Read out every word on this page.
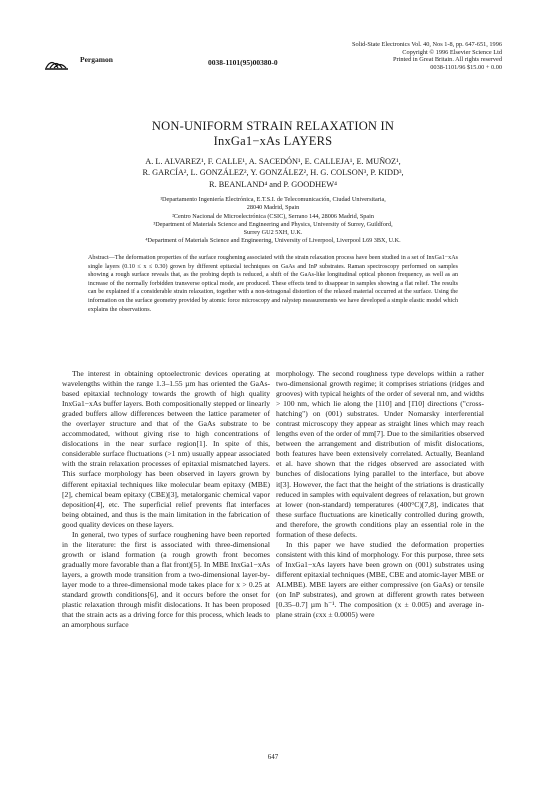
Pergamon	0038-1101(95)00380-0
Solid-State Electronics Vol. 40, Nos 1-8, pp. 647-651, 1996
Copyright © 1996 Elsevier Science Ltd
Printed in Great Britain. All rights reserved
0038-1101/96 $15.00 + 0.00
NON-UNIFORM STRAIN RELAXATION IN
InxGa1−xAs LAYERS
A. L. ALVAREZ¹, F. CALLE¹, A. SACEDÓN¹, E. CALLEJA¹, E. MUÑOZ¹,
R. GARCÍA², L. GONZÁLEZ², Y. GONZÁLEZ², H. G. COLSON³, P. KIDD³,
R. BEANLAND⁴ and P. GOODHEW⁴
¹Departamento Ingeniería Electrónica, E.T.S.I. de Telecomunicación, Ciudad Universitaria,
28040 Madrid, Spain
²Centro Nacional de Microelectrónica (CSIC), Serrano 144, 28006 Madrid, Spain
³Department of Materials Science and Engineering and Physics, University of Surrey, Guildford,
Surrey GU2 5XH, U.K.
⁴Department of Materials Science and Engineering, University of Liverpool, Liverpool L69 3BX, U.K.
Abstract—The deformation properties of the surface roughening associated with the strain relaxation process have been studied in a set of InxGa1−xAs single layers (0.10 ≤ x ≤ 0.30) grown by different epitaxial techniques on GaAs and InP substrates. Raman spectroscopy performed on samples showing a rough surface reveals that, as the probing depth is reduced, a shift of the GaAs-like longitudinal optical phonon frequency, as well as an increase of the normally forbidden transverse optical mode, are produced. These effects tend to disappear in samples showing a flat relief. The results can be explained if a considerable strain relaxation, together with a non-tetragonal distortion of the relaxed material occurred at the surface. Using the information on the surface geometry provided by atomic force microscopy and ralystep measurements we have developed a simple elastic model which explains the observations.

The interest in obtaining optoelectronic devices operating at wavelengths within the range 1.3–1.55 µm has oriented the GaAs-based epitaxial technology towards the growth of high quality InxGa1−xAs buffer layers. Both compositionally stepped or linearly graded buffers allow differences between the lattice parameter of the overlayer structure and that of the GaAs substrate to be accommodated, without giving rise to high concentrations of dislocations in the near surface region[1]. In spite of this, considerable surface fluctuations (>1 nm) usually appear associated with the strain relaxation processes of epitaxial mismatched layers. This surface morphology has been observed in layers grown by different epitaxial techniques like molecular beam epitaxy (MBE)[2], chemical beam epitaxy (CBE)[3], metalorganic chemical vapor deposition[4], etc. The superficial relief prevents flat interfaces being obtained, and thus is the main limitation in the fabrication of good quality devices on these layers.

In general, two types of surface roughening have been reported in the literature: the first is associated with three-dimensional growth or island formation (a rough growth front becomes gradually more favorable than a flat front)[5]. In MBE InxGa1−xAs layers, a growth mode transition from a two-dimensional layer-by-layer mode to a three-dimensional mode takes place for x > 0.25 at standard growth conditions[6], and it occurs before the onset for plastic relaxation through misfit dislocations. It has been proposed that the strain acts as a driving force for this process, which leads to an amorphous surface

morphology. The second roughness type develops within a rather two-dimensional growth regime; it comprises striations (ridges and grooves) with typical heights of the order of several nm, and widths > 100 nm, which lie along the [110] and [1̄10] directions ("cross-hatching") on (001) substrates. Under Nomarsky interferential contrast microscopy they appear as straight lines which may reach lengths even of the order of mm[7]. Due to the similarities observed between the arrangement and distribution of misfit dislocations, both features have been extensively correlated. Actually, Beanland et al. have shown that the ridges observed are associated with bunches of dislocations lying parallel to the interface, but above it[3]. However, the fact that the height of the striations is drastically reduced in samples with equivalent degrees of relaxation, but grown at lower (non-standard) temperatures (400°C)[7,8], indicates that these surface fluctuations are kinetically controlled during growth, and therefore, the growth conditions play an essential role in the formation of these defects.

In this paper we have studied the deformation properties consistent with this kind of morphology. For this purpose, three sets of InxGa1−xAs layers have been grown on (001) substrates using different epitaxial techniques (MBE, CBE and atomic-layer MBE or ALMBE). MBE layers are either compressive (on GaAs) or tensile (on InP substrates), and grown at different growth rates between [0.35–0.7] µm h⁻¹. The composition (x ± 0.005) and average in-plane strain (εxx ± 0.0005) were

647
